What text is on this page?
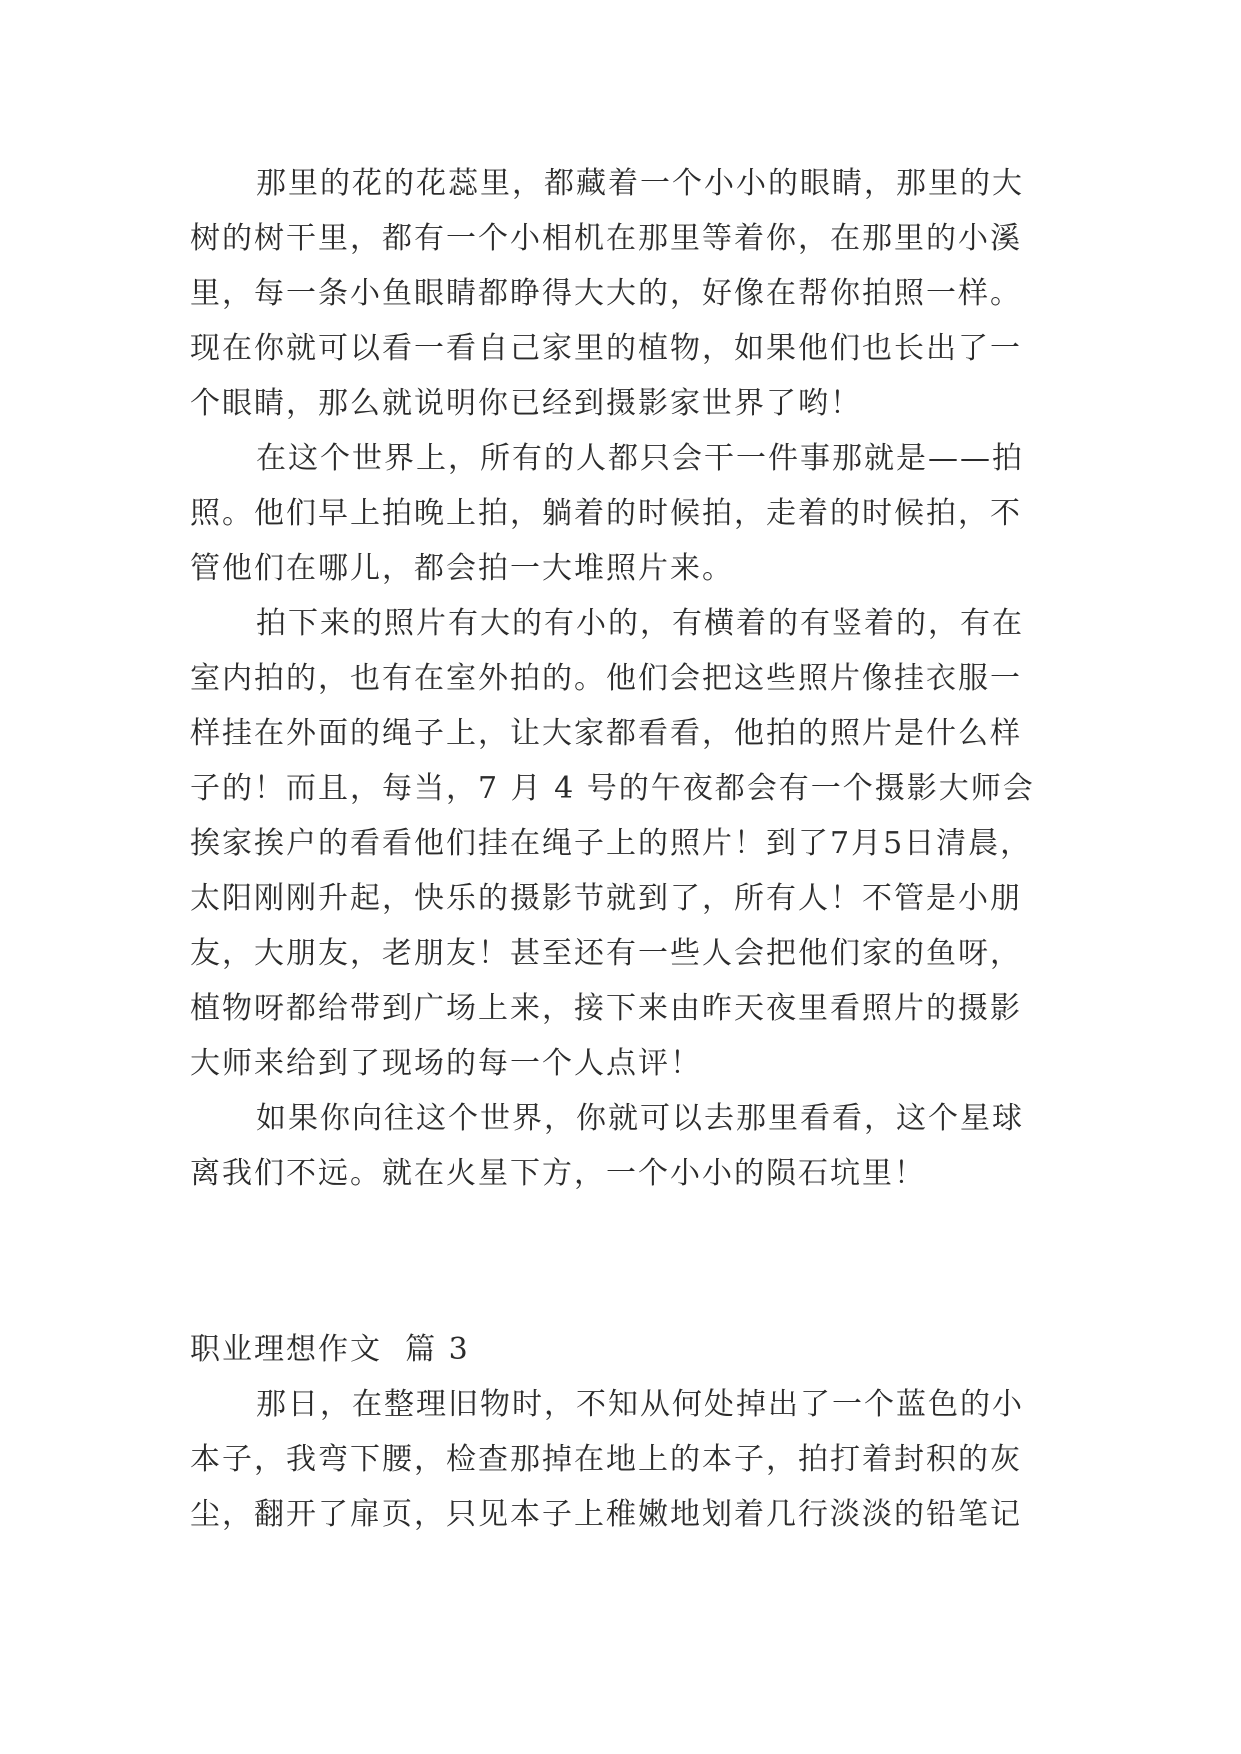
那里的花的花蕊里，都藏着一个小小的眼睛，那里的大

树的树干里，都有一个小相机在那里等着你，在那里的小溪

里，每一条小鱼眼睛都睁得大大的，好像在帮你拍照一样。

现在你就可以看一看自己家里的植物，如果他们也长出了一

个眼睛，那么就说明你已经到摄影家世界了哟！

在这个世界上，所有的人都只会干一件事那就是——拍

照。他们早上拍晚上拍，躺着的时候拍，走着的时候拍，不

管他们在哪儿，都会拍一大堆照片来。

拍下来的照片有大的有小的，有横着的有竖着的，有在

室内拍的，也有在室外拍的。他们会把这些照片像挂衣服一

样挂在外面的绳子上，让大家都看看，他拍的照片是什么样

子的！而且，每当，7 月 4 号的午夜都会有一个摄影大师会

挨家挨户的看看他们挂在绳子上的照片！到了7月5日清晨，

太阳刚刚升起，快乐的摄影节就到了，所有人！不管是小朋

友，大朋友，老朋友！甚至还有一些人会把他们家的鱼呀，

植物呀都给带到广场上来，接下来由昨天夜里看照片的摄影

大师来给到了现场的每一个人点评！

如果你向往这个世界，你就可以去那里看看，这个星球

离我们不远。就在火星下方，一个小小的陨石坑里！

职业理想作文  篇 3

那日，在整理旧物时，不知从何处掉出了一个蓝色的小

本子，我弯下腰，检查那掉在地上的本子，拍打着封积的灰

尘，翻开了扉页，只见本子上稚嫩地划着几行淡淡的铅笔记
